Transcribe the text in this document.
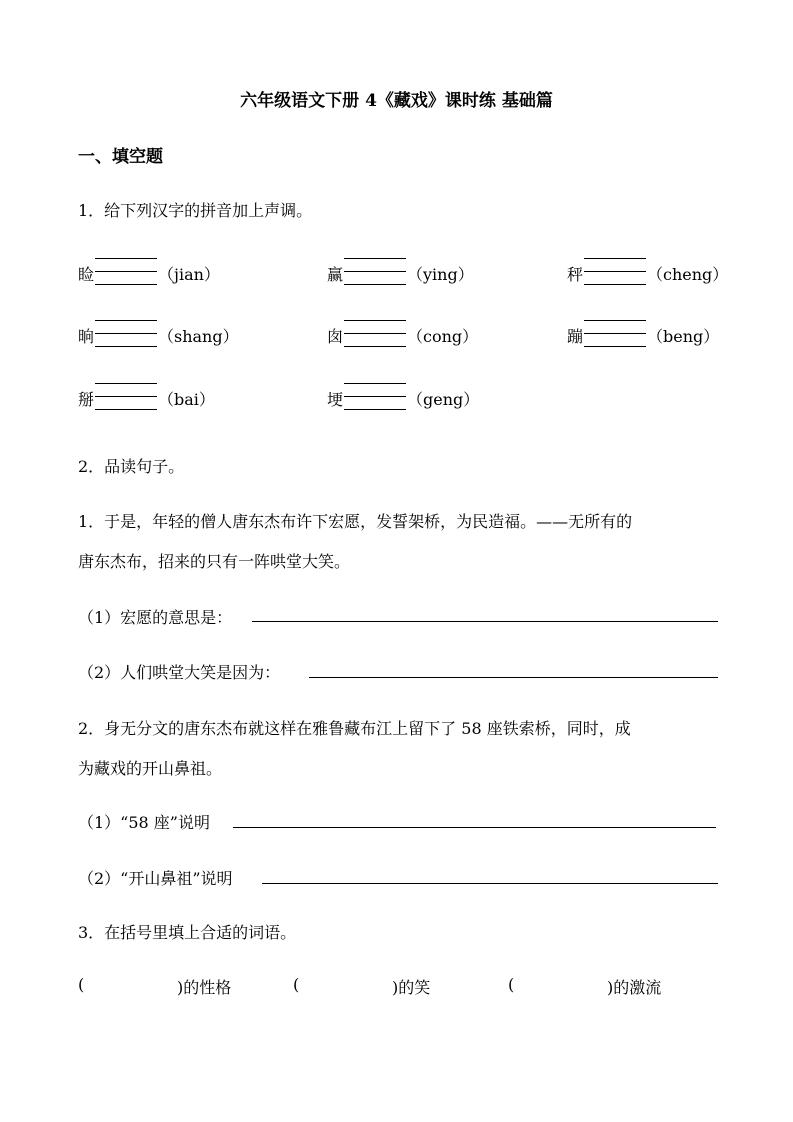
六年级语文下册 4《藏戏》课时练 基础篇
一、填空题
1．给下列汉字的拼音加上声调。
睑	（jian）	赢	（ying）	秤	（cheng）
晌	（shang）	囱	（cong）	蹦	（beng）
掰	（bai）	埂	（geng）
2．品读句子。
1．于是，年轻的僧人唐东杰布许下宏愿，发誓架桥，为民造福。——无所有的
唐东杰布，招来的只有一阵哄堂大笑。
（1）宏愿的意思是：
（2）人们哄堂大笑是因为：
2．身无分文的唐东杰布就这样在雅鲁藏布江上留下了 58 座铁索桥，同时，成
为藏戏的开山鼻祖。
（1）“58 座”说明
（2）“开山鼻祖”说明
3．在括号里填上合适的词语。
(	)的性格	(	)的笑	(	)的激流
